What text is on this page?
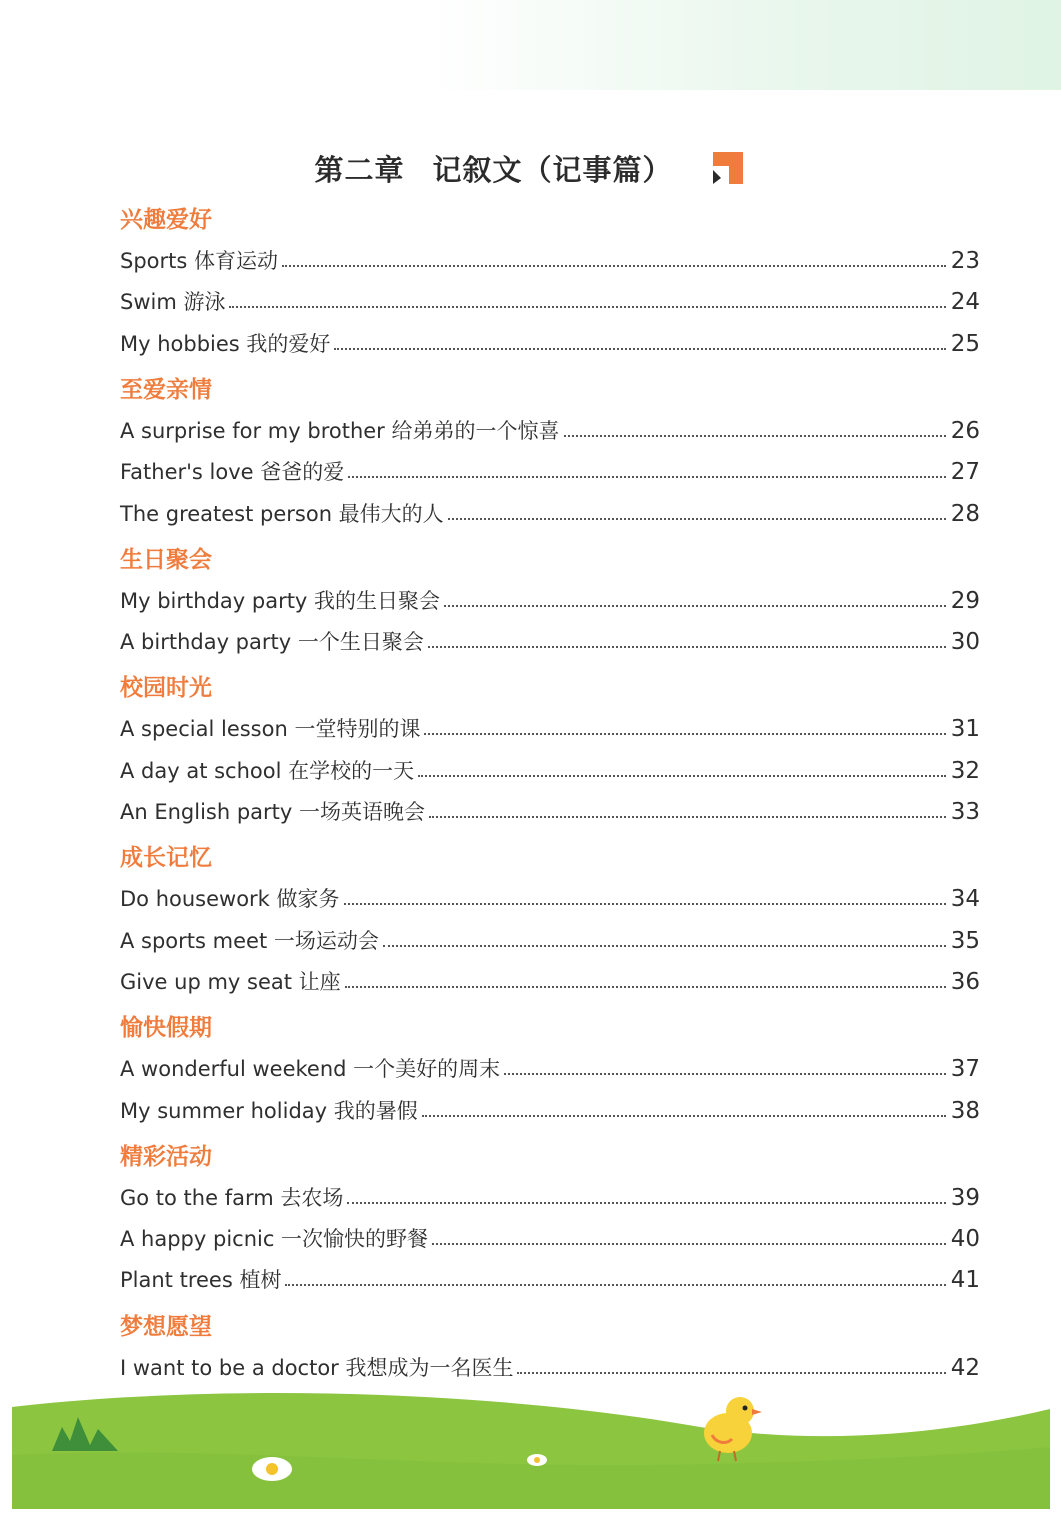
第二章 记叙文（记事篇）
兴趣爱好
Sports 体育运动	23
Swim 游泳	24
My hobbies 我的爱好	25
至爱亲情
A surprise for my brother 给弟弟的一个惊喜	26
Father's love 爸爸的爱	27
The greatest person 最伟大的人	28
生日聚会
My birthday party 我的生日聚会	29
A birthday party 一个生日聚会	30
校园时光
A special lesson 一堂特别的课	31
A day at school 在学校的一天	32
An English party 一场英语晚会	33
成长记忆
Do housework 做家务	34
A sports meet 一场运动会	35
Give up my seat 让座	36
愉快假期
A wonderful weekend 一个美好的周末	37
My summer holiday 我的暑假	38
精彩活动
Go to the farm 去农场	39
A happy picnic 一次愉快的野餐	40
Plant trees 植树	41
梦想愿望
I want to be a doctor 我想成为一名医生	42
